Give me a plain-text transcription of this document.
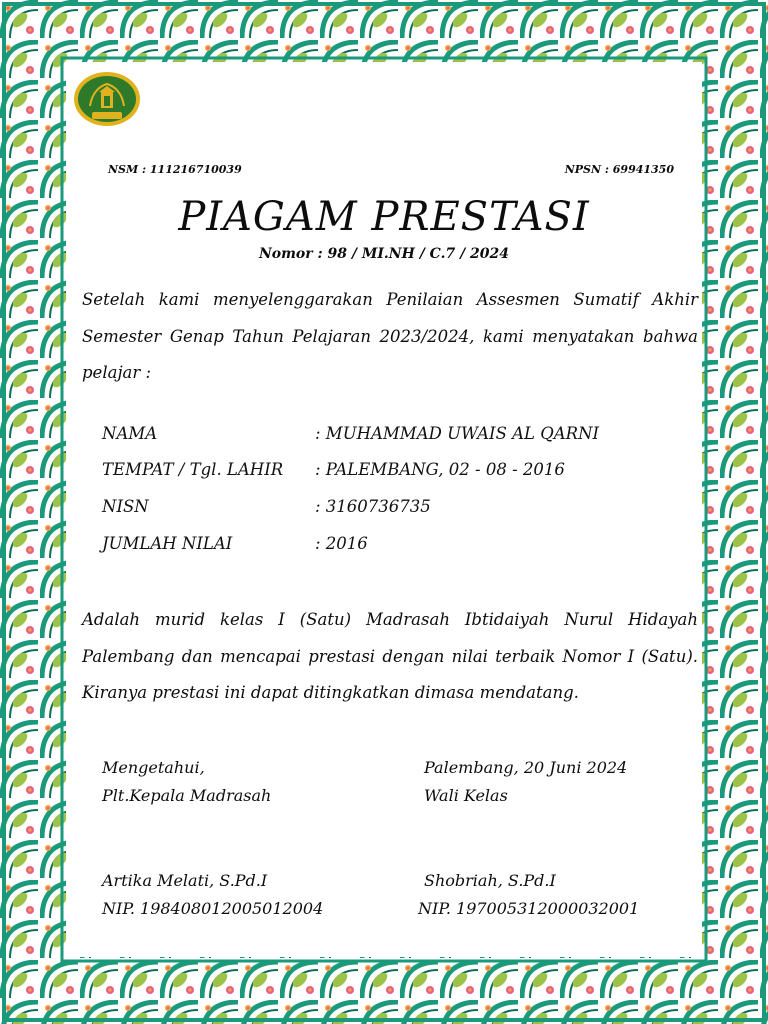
NSM : 111216710039	NPSN : 69941350
PIAGAM PRESTASI
Nomor : 98 / MI.NH / C.7 / 2024

Setelah kami menyelenggarakan Penilaian Assesmen Sumatif Akhir Semester Genap Tahun Pelajaran 2023/2024, kami menyatakan bahwa pelajar :

NAMA	: MUHAMMAD UWAIS AL QARNI
TEMPAT / Tgl. LAHIR : PALEMBANG, 02 - 08 - 2016
NISN	: 3160736735
JUMLAH NILAI	: 2016

Adalah murid kelas I (Satu) Madrasah Ibtidaiyah Nurul Hidayah Palembang dan mencapai prestasi dengan nilai terbaik Nomor I (Satu). Kiranya prestasi ini dapat ditingkatkan dimasa mendatang.

Mengetahui,
Plt.Kepala Madrasah
Artika Melati, S.Pd.I
NIP. 198408012005012004
Palembang, 20 Juni 2024
Wali Kelas
Shobriah, S.Pd.I
NIP. 197005312000032001
